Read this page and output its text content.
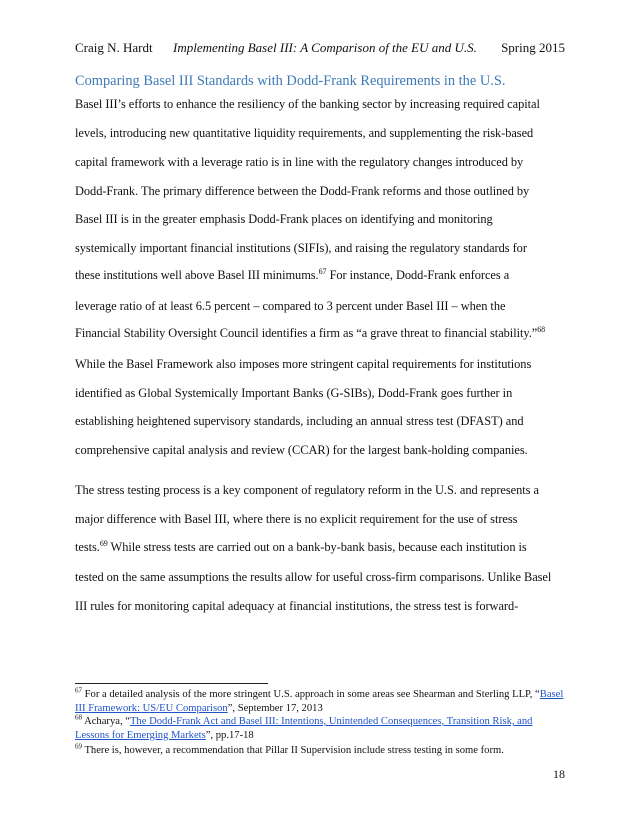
Craig N. Hardt Implementing Basel III: A Comparison of the EU and U.S. Spring 2015
Comparing Basel III Standards with Dodd-Frank Requirements in the U.S.
Basel III’s efforts to enhance the resiliency of the banking sector by increasing required capital
levels, introducing new quantitative liquidity requirements, and supplementing the risk-based
capital framework with a leverage ratio is in line with the regulatory changes introduced by
Dodd-Frank. The primary difference between the Dodd-Frank reforms and those outlined by
Basel III is in the greater emphasis Dodd-Frank places on identifying and monitoring
systemically important financial institutions (SIFIs), and raising the regulatory standards for
these institutions well above Basel III minimums.$^{67}$ For instance, Dodd-Frank enforces a
leverage ratio of at least 6.5 percent – compared to 3 percent under Basel III – when the
Financial Stability Oversight Council identifies a firm as “a grave threat to financial stability.”$^{68}$
While the Basel Framework also imposes more stringent capital requirements for institutions
identified as Global Systemically Important Banks (G-SIBs), Dodd-Frank goes further in
establishing heightened supervisory standards, including an annual stress test (DFAST) and
comprehensive capital analysis and review (CCAR) for the largest bank-holding companies.
The stress testing process is a key component of regulatory reform in the U.S. and represents a
major difference with Basel III, where there is no explicit requirement for the use of stress
tests.$^{69}$ While stress tests are carried out on a bank-by-bank basis, because each institution is
tested on the same assumptions the results allow for useful cross-firm comparisons. Unlike Basel
III rules for monitoring capital adequacy at financial institutions, the stress test is forward-
$^{67}$ For a detailed analysis of the more stringent U.S. approach in some areas see Shearman and Sterling LLP, “Basel
III Framework: US/EU Comparison”, September 17, 2013
$^{68}$ Acharya, “The Dodd-Frank Act and Basel III: Intentions, Unintended Consequences, Transition Risk, and
Lessons for Emerging Markets”, pp.17-18
$^{69}$ There is, however, a recommendation that Pillar II Supervision include stress testing in some form.
18
